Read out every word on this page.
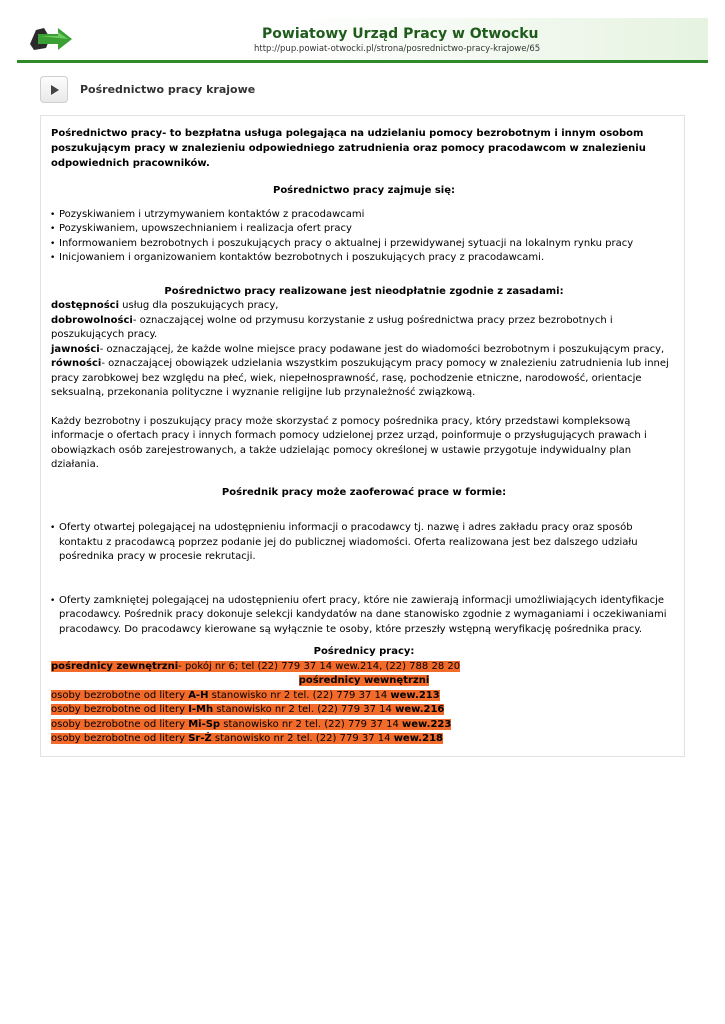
Powiatowy Urząd Pracy w Otwocku
http://pup.powiat-otwocki.pl/strona/posrednictwo-pracy-krajowe/65
Pośrednictwo pracy krajowe

Pośrednictwo pracy- to bezpłatna usługa polegająca na udzielaniu pomocy bezrobotnym i innym osobom poszukującym pracy w znalezieniu odpowiedniego zatrudnienia oraz pomocy pracodawcom w znalezieniu odpowiednich pracowników.

Pośrednictwo pracy zajmuje się:

• Pozyskiwaniem i utrzymywaniem kontaktów z pracodawcami
• Pozyskiwaniem, upowszechnianiem i realizacja ofert pracy
• Informowaniem bezrobotnych i poszukujących pracy o aktualnej i przewidywanej sytuacji na lokalnym rynku pracy
• Inicjowaniem i organizowaniem kontaktów bezrobotnych i poszukujących pracy z pracodawcami.

Pośrednictwo pracy realizowane jest nieodpłatnie zgodnie z zasadami:

dostępności usług dla poszukujących pracy,

dobrowolności- oznaczającej wolne od przymusu korzystanie z usług pośrednictwa pracy przez bezrobotnych i poszukujących pracy.

jawności- oznaczającej, że każde wolne miejsce pracy podawane jest do wiadomości bezrobotnym i poszukującym pracy,

równości- oznaczającej obowiązek udzielania wszystkim poszukującym pracy pomocy w znalezieniu zatrudnienia lub innej pracy zarobkowej bez względu na płeć, wiek, niepełnosprawność, rasę, pochodzenie etniczne, narodowość, orientacje seksualną, przekonania polityczne i wyznanie religijne lub przynależność związkową.

Każdy bezrobotny i poszukujący pracy może skorzystać z pomocy pośrednika pracy, który przedstawi kompleksową informacje o ofertach pracy i innych formach pomocy udzielonej przez urząd, poinformuje o przysługujących prawach i obowiązkach osób zarejestrowanych, a także udzielając pomocy określonej w ustawie przygotuje indywidualny plan działania.

Pośrednik pracy może zaoferować prace w formie:

• Oferty otwartej polegającej na udostępnieniu informacji o pracodawcy tj. nazwę i adres zakładu pracy oraz sposób kontaktu z pracodawcą poprzez podanie jej do publicznej wiadomości. Oferta realizowana jest bez dalszego udziału pośrednika pracy w procesie rekrutacji.
• Oferty zamkniętej polegającej na udostępnieniu ofert pracy, które nie zawierają informacji umożliwiających identyfikacje pracodawcy. Pośrednik pracy dokonuje selekcji kandydatów na dane stanowisko zgodnie z wymaganiami i oczekiwaniami pracodawcy. Do pracodawcy kierowane są wyłącznie te osoby, które przeszły wstępną weryfikację pośrednika pracy.

Pośrednicy pracy:

pośrednicy zewnętrzni- pokój nr 6; tel (22) 779 37 14 wew.214, (22) 788 28 20

pośrednicy wewnętrzni

osoby bezrobotne od litery A-H stanowisko nr 2 tel. (22) 779 37 14 wew.213

osoby bezrobotne od litery I-Mh stanowisko nr 2 tel. (22) 779 37 14 wew.216

osoby bezrobotne od litery Mi-Sp stanowisko nr 2 tel. (22) 779 37 14 wew.223

osoby bezrobotne od litery Sr-Ż stanowisko nr 2 tel. (22) 779 37 14 wew.218
